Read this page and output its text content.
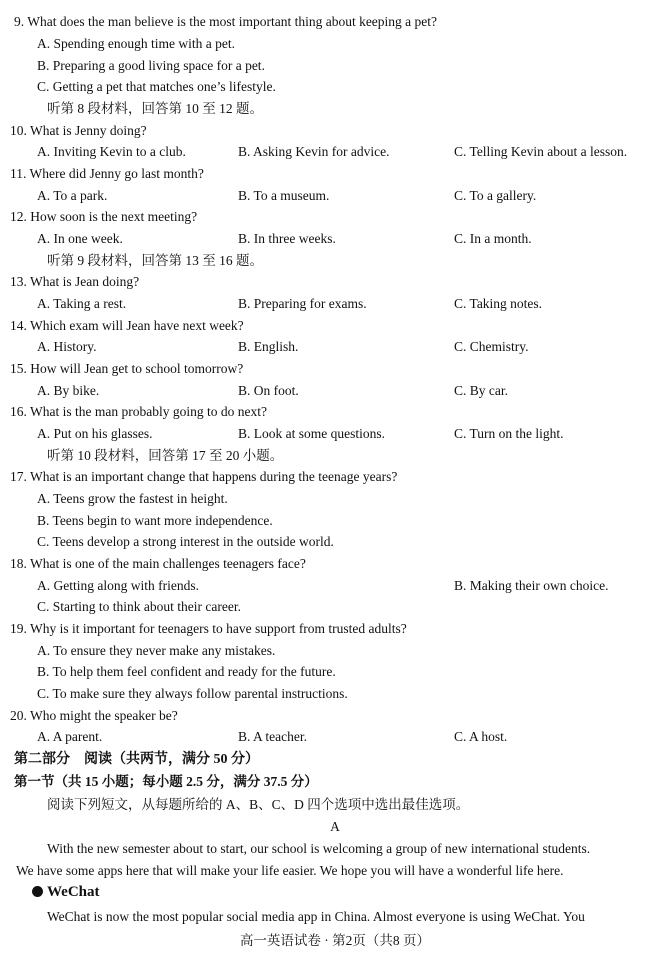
9. What does the man believe is the most important thing about keeping a pet?
A. Spending enough time with a pet.
B. Preparing a good living space for a pet.
C. Getting a pet that matches one’s lifestyle.
听第 8 段材料，回答第 10 至 12 题。
10. What is Jenny doing?
A. Inviting Kevin to a club.	B. Asking Kevin for advice.	C. Telling Kevin about a lesson.
11. Where did Jenny go last month?
A. To a park.	B. To a museum.	C. To a gallery.
12. How soon is the next meeting?
A. In one week.	B. In three weeks.	C. In a month.
听第 9 段材料，回答第 13 至 16 题。
13. What is Jean doing?
A. Taking a rest.	B. Preparing for exams.	C. Taking notes.
14. Which exam will Jean have next week?
A. History.	B. English.	C. Chemistry.
15. How will Jean get to school tomorrow?
A. By bike.	B. On foot.	C. By car.
16. What is the man probably going to do next?
A. Put on his glasses.	B. Look at some questions.	C. Turn on the light.
听第 10 段材料，回答第 17 至 20 小题。
17. What is an important change that happens during the teenage years?
A. Teens grow the fastest in height.
B. Teens begin to want more independence.
C. Teens develop a strong interest in the outside world.
18. What is one of the main challenges teenagers face?
A. Getting along with friends.	B. Making their own choice.
C. Starting to think about their career.
19. Why is it important for teenagers to have support from trusted adults?
A. To ensure they never make any mistakes.
B. To help them feel confident and ready for the future.
C. To make sure they always follow parental instructions.
20. Who might the speaker be?
A. A parent.	B. A teacher.	C. A host.
第二部分　阅读（共两节，满分 50 分）
第一节（共 15 小题；每小题 2.5 分，满分 37.5 分）
阅读下列短文，从每题所给的 A、B、C、D 四个选项中选出最佳选项。
A
With the new semester about to start, our school is welcoming a group of new international students.
We have some apps here that will make your life easier. We hope you will have a wonderful life here.
WeChat
WeChat is now the most popular social media app in China. Almost everyone is using WeChat. You
高一英语试卷 · 第2页（共8 页）
